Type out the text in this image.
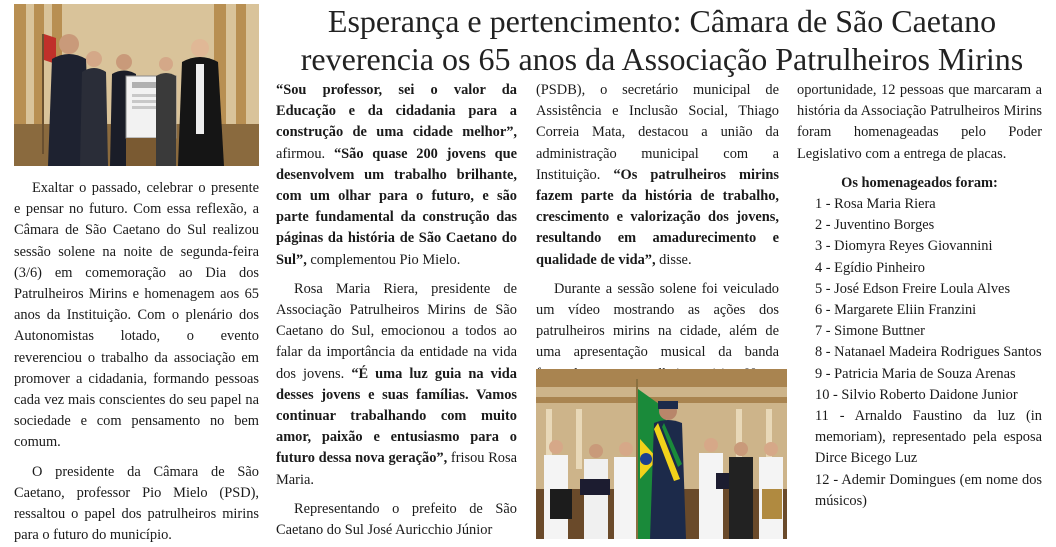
Esperança e pertencimento: Câmara de São Caetano
reverencia os 65 anos da Associação Patrulheiros Mirins

Exaltar o passado, celebrar o presente e pensar no futuro. Com essa reflexão, a Câmara de São Caetano do Sul realizou sessão solene na noite de segunda-feira (3/6) em comemoração ao Dia dos Patrulheiros Mirins e homenagem aos 65 anos da Instituição. Com o plenário dos Autonomistas lotado, o evento reverenciou o trabalho da associação em promover a cidadania, formando pessoas cada vez mais conscientes do seu papel na sociedade e com pensamento no bem comum.

O presidente da Câmara de São Caetano, professor Pio Mielo (PSD), ressaltou o papel dos patrulheiros mirins para o futuro do município.

“Sou professor, sei o valor da Educação e da cidadania para a construção de uma cidade melhor”, afirmou. “São quase 200 jovens que desenvolvem um trabalho brilhante, com um olhar para o futuro, e são parte fundamental da construção das páginas da história de São Caetano do Sul”, complementou Pio Mielo.

Rosa Maria Riera, presidente de Associação Patrulheiros Mirins de São Caetano do Sul, emocionou a todos ao falar da importância da entidade na vida dos jovens. “É uma luz guia na vida desses jovens e suas famílias. Vamos continuar trabalhando com muito amor, paixão e entusiasmo para o futuro dessa nova geração”, frisou Rosa Maria.

Representando o prefeito de São Caetano do Sul José Auricchio Júnior

(PSDB), o secretário municipal de Assistência e Inclusão Social, Thiago Correia Mata, destacou a união da administração municipal com a Instituição. “Os patrulheiros mirins fazem parte da história de trabalho, crescimento e valorização dos jovens, resultando em amadurecimento e qualidade de vida”, disse.

Durante a sessão solene foi veiculado um vídeo mostrando as ações dos patrulheiros mirins na cidade, além de uma apresentação musical da banda

oportunidade, 12 pessoas que marcaram a história da Associação Patrulheiros Mirins foram homenageadas pelo Poder Legislativo com a entrega de placas.

Os homenageados foram:

1 - Rosa Maria Riera
2 - Juventino Borges
3 - Diomyra Reyes Giovannini
4 - Egídio Pinheiro
5 - José Edson Freire Loula Alves
6 - Margarete Eliin Franzini
7 - Simone Buttner
8 - Natanael Madeira Rodrigues Santos
9 - Patricia Maria de Souza Arenas
10 - Silvio Roberto Daidone Junior
11 - Arnaldo Faustino da luz (in memoriam), representado pela esposa Dirce Bicego Luz
12 - Ademir Domingues (em nome dos músicos)
